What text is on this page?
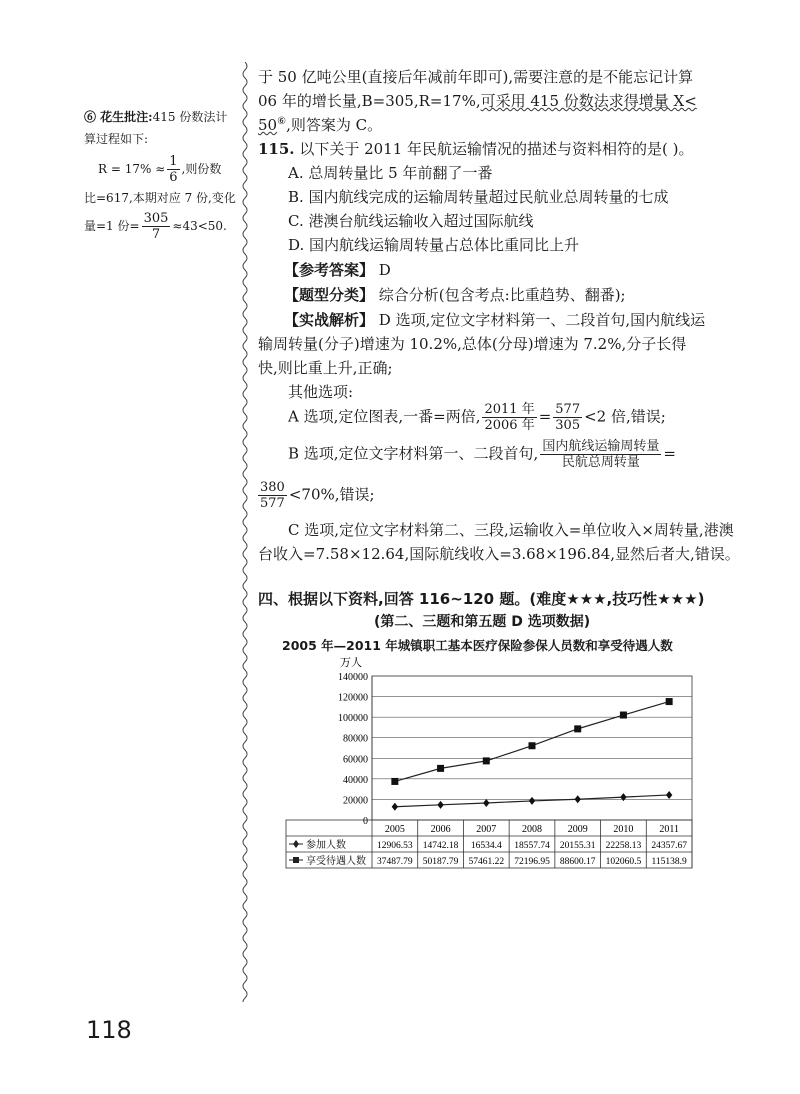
⑥ 花生批注:415 份数法计
算过程如下:
$R = 17\% \approx \frac{1}{6}$ ,则份数
比=617,本期对应 7 份,变化
量=1 份= $\frac{305}{7} \approx 43<50$.
于 50 亿吨公里(直接后年减前年即可),需要注意的是不能忘记计算
06 年的增长量,B=305,R=17%,可采用 415 份数法求得增量 X<
50⑥,则答案为 C。
115. 以下关于 2011 年民航运输情况的描述与资料相符的是( )。
A. 总周转量比 5 年前翻了一番
B. 国内航线完成的运输周转量超过民航业总周转量的七成
C. 港澳台航线运输收入超过国际航线
D. 国内航线运输周转量占总体比重同比上升
【参考答案】 D
【题型分类】 综合分析(包含考点:比重趋势、翻番);
【实战解析】 D 选项,定位文字材料第一、二段首句,国内航线运
输周转量(分子)增速为 10.2%,总体(分母)增速为 7.2%,分子长得
快,则比重上升,正确;
其他选项:
A 选项,定位图表,一番=两倍, $\frac{\text{2011 年}}{\text{2006 年}} = \frac{577}{305} <2$ 倍,错误;
B 选项,定位文字材料第一、二段首句, $\frac{\text{国内航线运输周转量}}{\text{民航总周转量}}$ =
$\frac{380}{577} <70\%$,错误;
C 选项,定位文字材料第二、三段,运输收入=单位收入×周转量,港澳
台收入=7.58×12.64,国际航线收入=3.68×196.84,显然后者大,错误。
四、根据以下资料,回答 116~120 题。(难度★★★,技巧性★★★)
(第二、三题和第五题 D 选项数据)
2005 年—2011 年城镇职工基本医疗保险参保人员数和享受待遇人数
万人
0
20000
40000
60000
80000
100000
120000
140000
2005	2006	2007	2008	2009	2010	2011
参加人数	12906.53 14742.18 16534.4 18557.74 20155.31 22258.13 24357.67
享受待遇人数 37487.79 50187.79 57461.22 72196.95 88600.17 102060.5 115138.9
118
